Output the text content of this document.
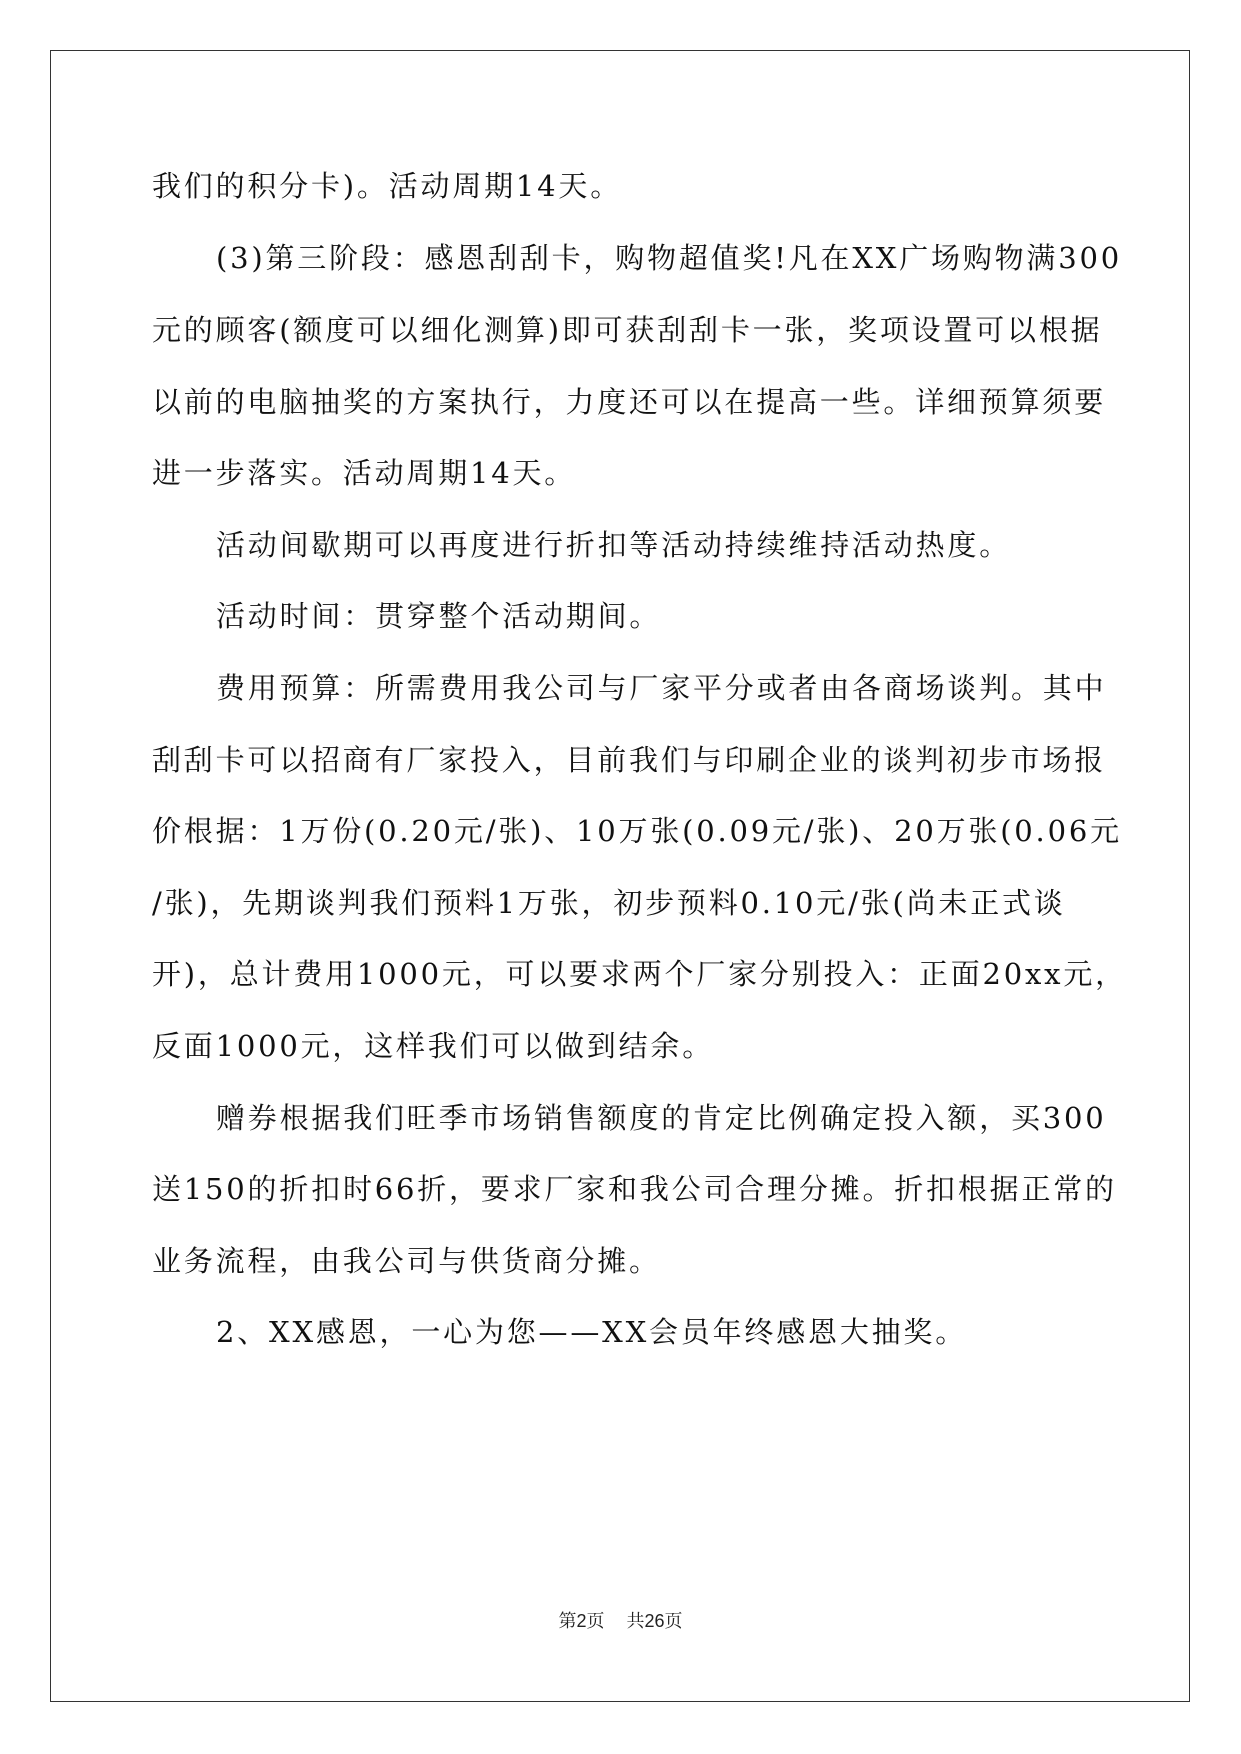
我们的积分卡)。活动周期14天。
(3)第三阶段：感恩刮刮卡，购物超值奖!凡在XX广场购物满300
元的顾客(额度可以细化测算)即可获刮刮卡一张，奖项设置可以根据
以前的电脑抽奖的方案执行，力度还可以在提高一些。详细预算须要
进一步落实。活动周期14天。
活动间歇期可以再度进行折扣等活动持续维持活动热度。
活动时间：贯穿整个活动期间。
费用预算：所需费用我公司与厂家平分或者由各商场谈判。其中
刮刮卡可以招商有厂家投入，目前我们与印刷企业的谈判初步市场报
价根据：1万份(0.20元/张)、10万张(0.09元/张)、20万张(0.06元
/张)，先期谈判我们预料1万张，初步预料0.10元/张(尚未正式谈
开)，总计费用1000元，可以要求两个厂家分别投入：正面20xx元，
反面1000元，这样我们可以做到结余。
赠券根据我们旺季市场销售额度的肯定比例确定投入额，买300
送150的折扣时66折，要求厂家和我公司合理分摊。折扣根据正常的
业务流程，由我公司与供货商分摊。
2、XX感恩，一心为您——XX会员年终感恩大抽奖。
第2页 共26页
